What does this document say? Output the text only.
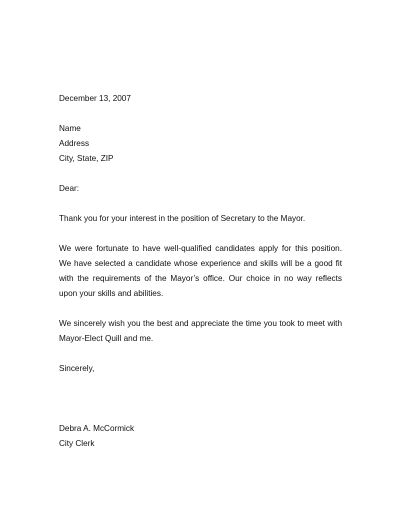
December 13, 2007
Name
Address
City, State, ZIP
Dear:

Thank you for your interest in the position of Secretary to the Mayor.

We were fortunate to have well-qualified candidates apply for this position. We have selected a candidate whose experience and skills will be a good fit with the requirements of the Mayor’s office. Our choice in no way reflects upon your skills and abilities.

We sincerely wish you the best and appreciate the time you took to meet with Mayor-Elect Quill and me.

Sincerely,
Debra A. McCormick
City Clerk
